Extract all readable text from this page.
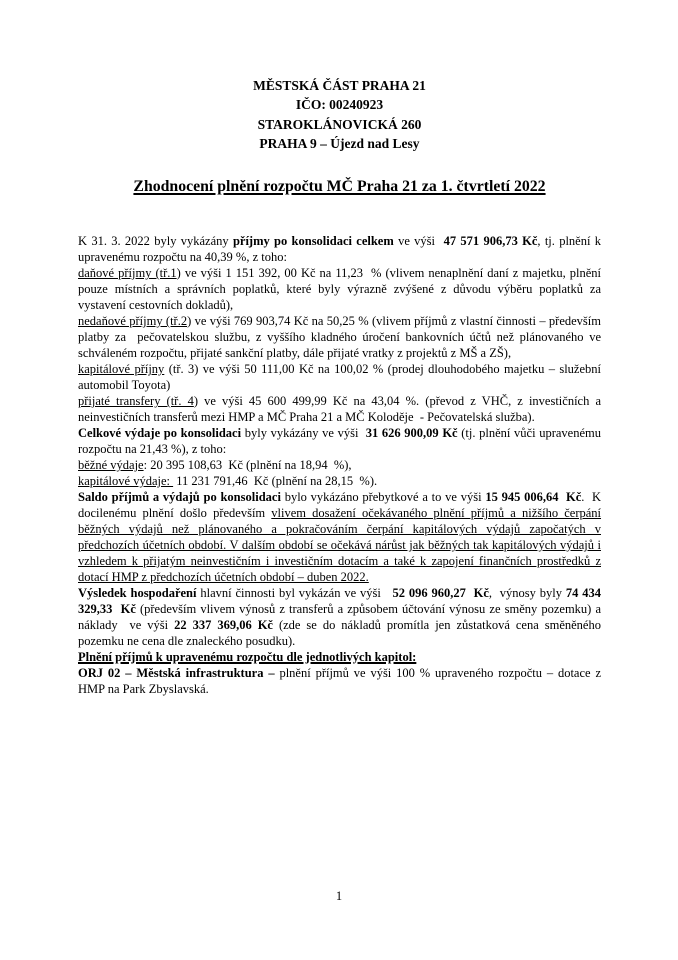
MĚSTSKÁ ČÁST PRAHA 21
IČO: 00240923
STAROKLÁNOVICKÁ 260
PRAHA 9 – Újezd nad Lesy
Zhodnocení plnění rozpočtu MČ Praha 21 za 1. čtvrtletí 2022

K 31. 3. 2022 byly vykázány příjmy po konsolidaci celkem ve výši  47 571 906,73 Kč, tj. plnění k upravenému rozpočtu na 40,39 %, z toho:

daňové příjmy (tř.1) ve výši 1 151 392, 00 Kč na 11,23  % (vlivem nenaplnění daní z majetku, plnění pouze místních a správních poplatků, které byly výrazně zvýšené z důvodu výběru poplatků za vystavení cestovních dokladů),

nedaňové příjmy (tř.2) ve výši 769 903,74 Kč na 50,25 % (vlivem příjmů z vlastní činnosti – především platby za  pečovatelskou službu, z vyššího kladného úročení bankovních účtů než plánovaného ve schváleném rozpočtu, přijaté sankční platby, dále přijaté vratky z projektů z MŠ a ZŠ),

kapitálové příjny (tř. 3) ve výši 50 111,00 Kč na 100,02 % (prodej dlouhodobého majetku – služební automobil Toyota)

přijaté transfery (tř. 4) ve výši 45 600 499,99 Kč na 43,04 %. (převod z VHČ, z investičních a neinvestičních transferů mezi HMP a MČ Praha 21 a MČ Koloděje  - Pečovatelská služba).

Celkové výdaje po konsolidaci byly vykázány ve výši  31 626 900,09 Kč (tj. plnění vůči upravenému rozpočtu na 21,43 %), z toho:

běžné výdaje: 20 395 108,63  Kč (plnění na 18,94  %),

kapitálové výdaje:  11 231 791,46  Kč (plnění na 28,15  %).

Saldo příjmů a výdajů po konsolidaci bylo vykázáno přebytkové a to ve výši 15 945 006,64  Kč.  K docilenému plnění došlo především vlivem dosažení očekávaného plnění příjmů a nižšího čerpání běžných výdajů než plánovaného a pokračováním čerpání kapitálových výdajů započatých v předchozích účetních období. V dalším období se očekává nárůst jak běžných tak kapitálových výdajů i vzhledem k přijatým neinvestičním i investičním dotacím a také k zapojení finančních prostředků z dotací HMP z předchozích účetních období – duben 2022.

Výsledek hospodaření hlavní činnosti byl vykázán ve výši   52 096 960,27  Kč,  výnosy byly 74 434 329,33  Kč (především vlivem výnosů z transferů a způsobem účtování výnosu ze směny pozemku) a náklady  ve výši 22 337 369,06 Kč (zde se do nákladů promítla jen zůstatková cena směněného pozemku ne cena dle znaleckého posudku).

Plnění příjmů k upravenému rozpočtu dle jednotlivých kapitol:

ORJ 02 – Městská infrastruktura – plnění příjmů ve výši 100 % upraveného rozpočtu – dotace z HMP na Park Zbyslavská.

1
